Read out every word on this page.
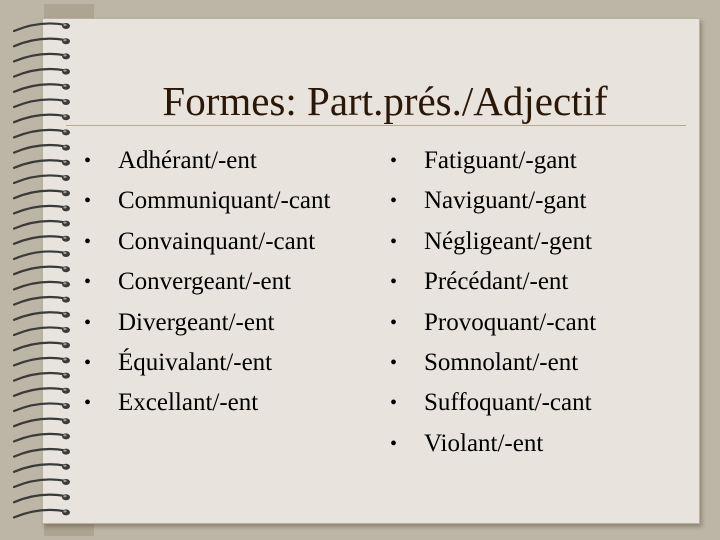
Formes: Part.prés./Adjectif
• Adhérant/-ent
• Communiquant/-cant
• Convainquant/-cant
• Convergeant/-ent
• Divergeant/-ent
• Équivalant/-ent
• Excellant/-ent
• Fatiguant/-gant
• Naviguant/-gant
• Négligeant/-gent
• Précédant/-ent
• Provoquant/-cant
• Somnolant/-ent
• Suffoquant/-cant
• Violant/-ent
